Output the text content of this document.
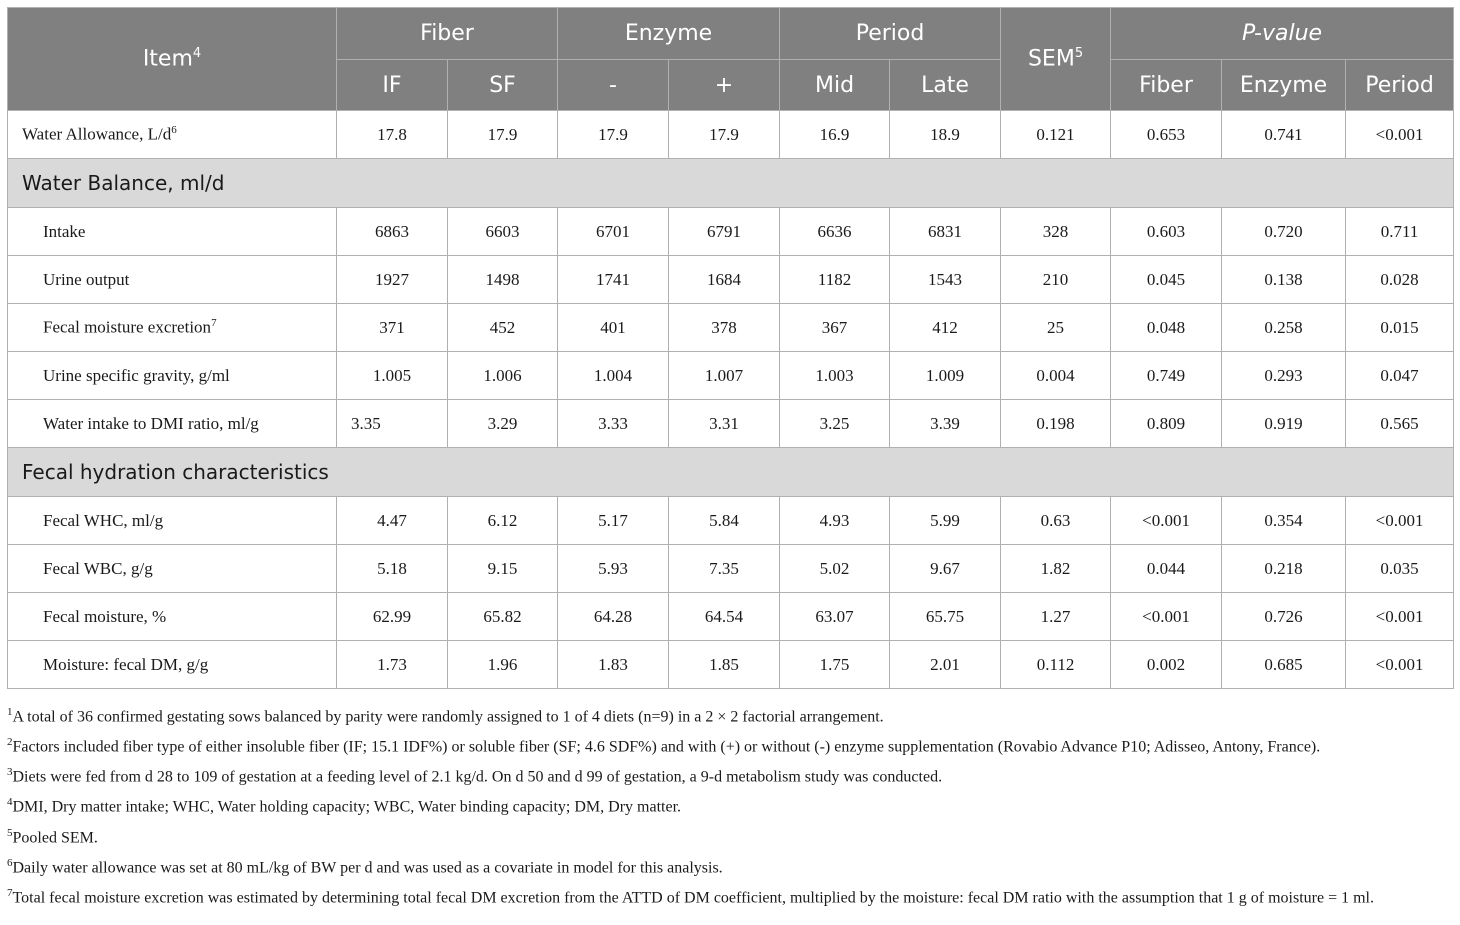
Item$^4$	Fiber		Enzyme		Period		SEM$^5$	P-value		
	IF	SF	-	+	Mid	Late		Fiber	Enzyme	Period
Water Allowance, $L/d^6$	17.8	17.9	17.9	17.9	16.9	18.9	0.121	0.653	0.741	<0.001
Water Balance, ml/d										
Intake	6863	6603	6701	6791	6636	6831	328	0.603	0.720	0.711
Urine output	1927	1498	1741	1684	1182	1543	210	0.045	0.138	0.028
Fecal moisture excretion$^7$	371	452	401	378	367	412	25	0.048	0.258	0.015
Urine specific gravity, g/ml	1.005	1.006	1.004	1.007	1.003	1.009	0.004	0.749	0.293	0.047
Water intake to DMI ratio, ml/g	3.35	3.29	3.33	3.31	3.25	3.39	0.198	0.809	0.919	0.565
Fecal hydration characteristics										
Fecal WHC, ml/g	4.47	6.12	5.17	5.84	4.93	5.99	0.63	<0.001	0.354	<0.001
Fecal WBC, g/g	5.18	9.15	5.93	7.35	5.02	9.67	1.82	0.044	0.218	0.035
Fecal moisture, %	62.99	65.82	64.28	64.54	63.07	65.75	1.27	<0.001	0.726	<0.001
Moisture: fecal DM, g/g	1.73	1.96	1.83	1.85	1.75	2.01	0.112	0.002	0.685	<0.001

$^1$A total of 36 confirmed gestating sows balanced by parity were randomly assigned to 1 of 4 diets (n=9) in a 2 × 2 factorial arrangement.

$^2$Factors included fiber type of either insoluble fiber (IF; 15.1 IDF%) or soluble fiber (SF; 4.6 SDF%) and with (+) or without (-) enzyme supplementation (Rovabio Advance P10; Adisseo, Antony, France).

$^3$Diets were fed from d 28 to 109 of gestation at a feeding level of 2.1 kg/d. On d 50 and d 99 of gestation, a 9-d metabolism study was conducted.

$^4$DMI, Dry matter intake; WHC, Water holding capacity; WBC, Water binding capacity; DM, Dry matter.

$^5$Pooled SEM.

$^6$Daily water allowance was set at 80 mL/kg of BW per d and was used as a covariate in model for this analysis.

$^7$Total fecal moisture excretion was estimated by determining total fecal DM excretion from the ATTD of DM coefficient, multiplied by the moisture: fecal DM ratio with the assumption that 1 g of moisture = 1 ml.
